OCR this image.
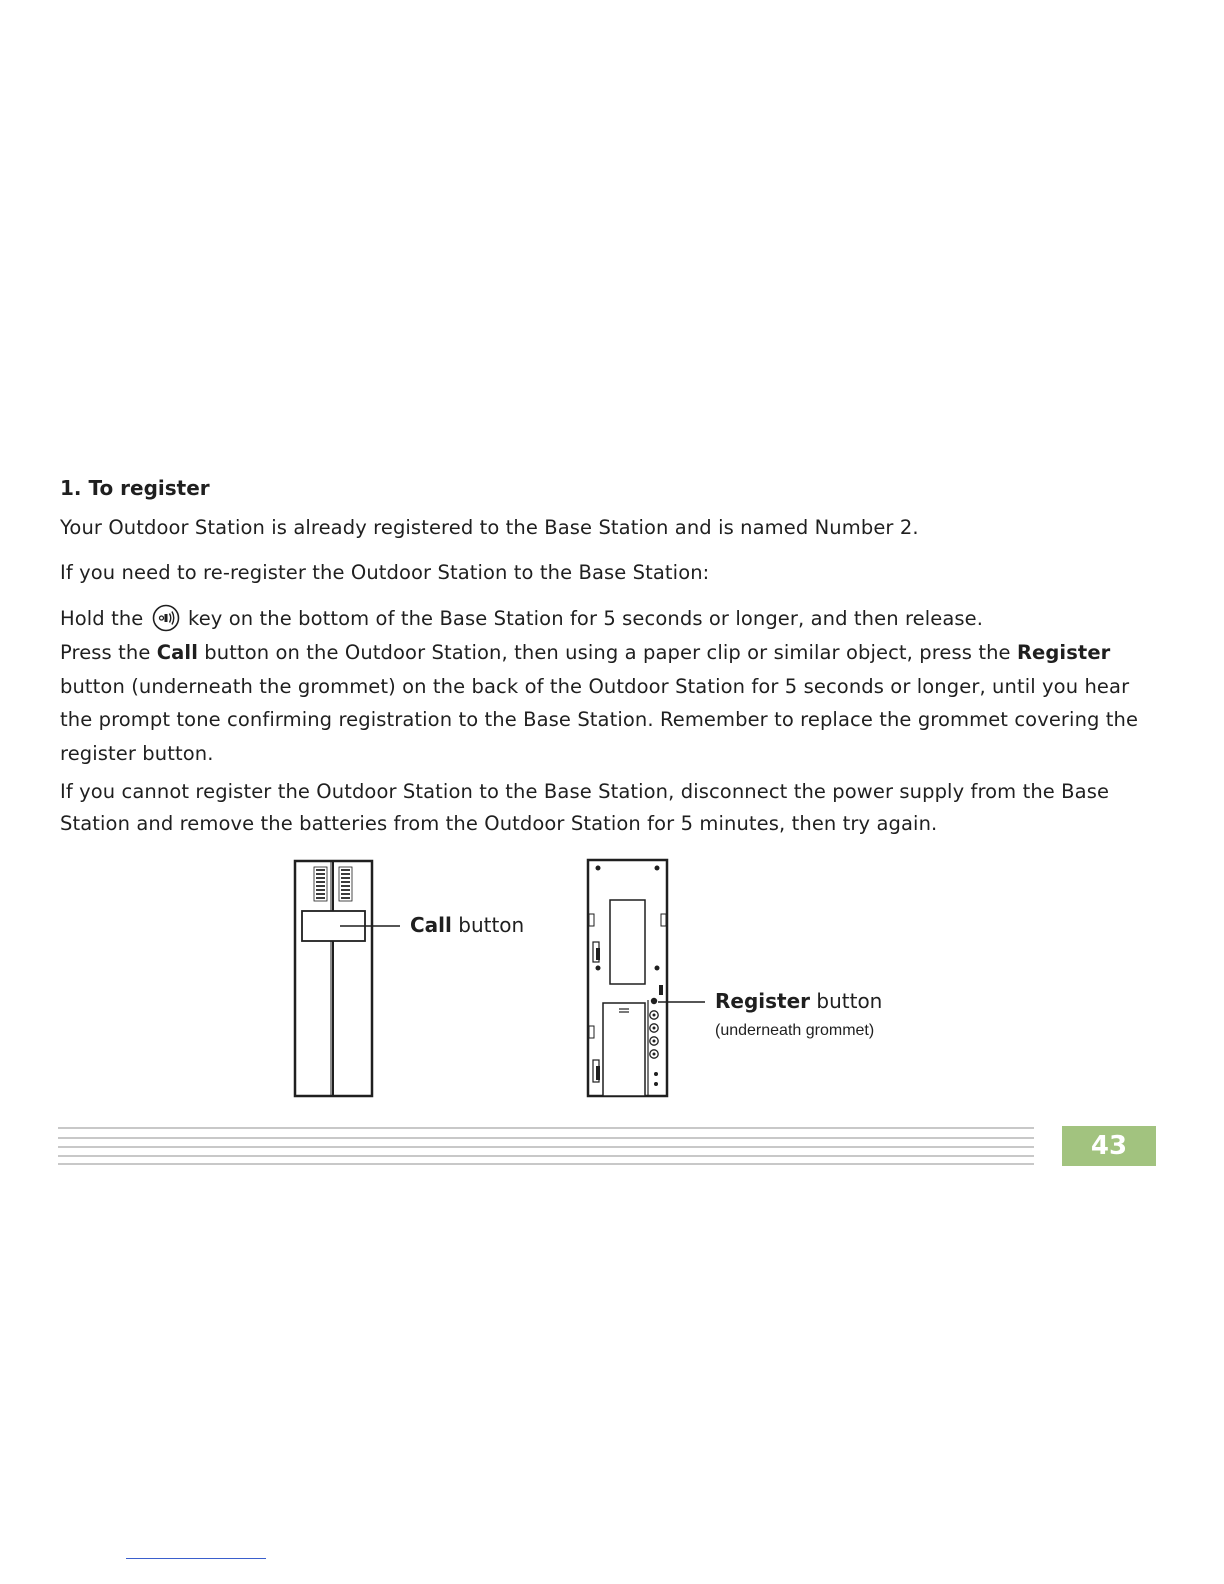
1. To register

Your Outdoor Station is already registered to the Base Station and is named Number 2.

If you need to re-register the Outdoor Station to the Base Station:

Hold the key on the bottom of the Base Station for 5 seconds or longer, and then release.

Press the Call button on the Outdoor Station, then using a paper clip or similar object, press the Register button (underneath the grommet) on the back of the Outdoor Station for 5 seconds or longer, until you hear the prompt tone confirming registration to the Base Station. Remember to replace the grommet covering the register button.

If you cannot register the Outdoor Station to the Base Station, disconnect the power supply from the Base Station and remove the batteries from the Outdoor Station for 5 minutes, then try again.

Call button
Register button
(underneath grommet)
43
